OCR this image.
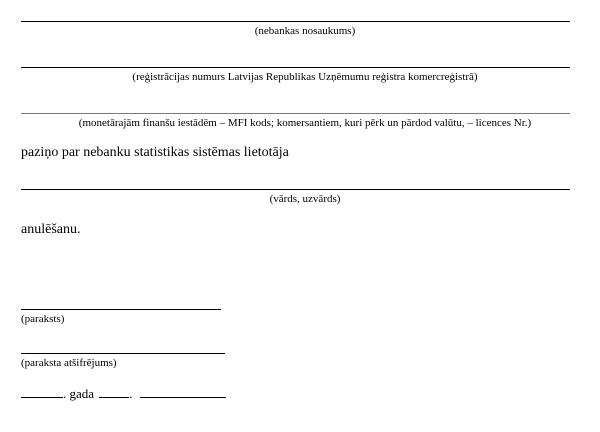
(nebankas nosaukums)
(reģistrācijas numurs Latvijas Republikas Uzņēmumu reģistra komercreģistrā)
(monetārajām finanšu iestādēm – MFI kods; komersantiem, kuri pērk un pārdod valūtu, – licences Nr.)
paziņo par nebanku statistikas sistēmas lietotāja
(vārds, uzvārds)
anulēšanu.
(paraksts)
(paraksta atšifrējums)
. gada	.
